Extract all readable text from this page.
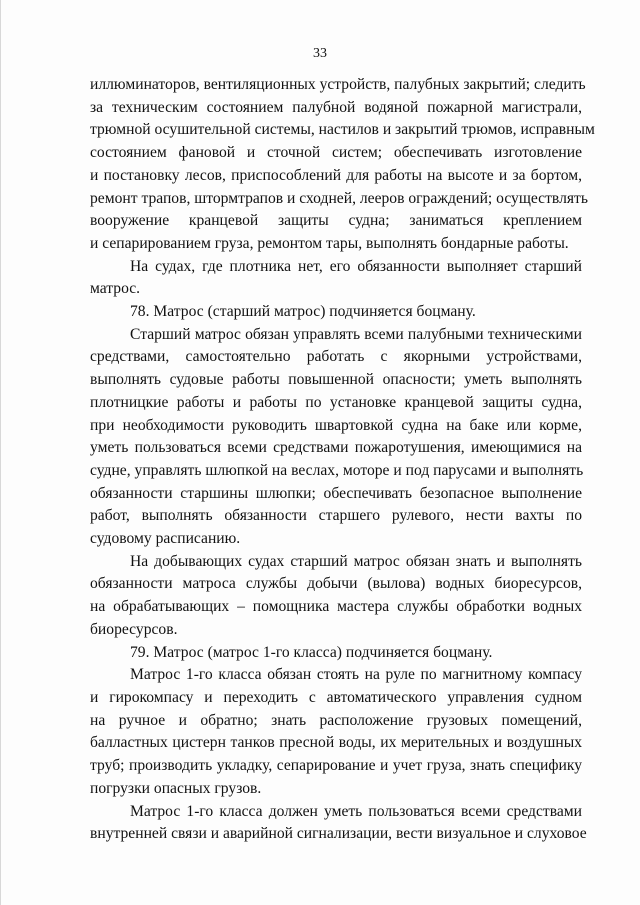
33
иллюминаторов, вентиляционных устройств, палубных закрытий; следить
за техническим состоянием палубной водяной пожарной магистрали,
трюмной осушительной системы, настилов и закрытий трюмов, исправным
состоянием фановой и сточной систем; обеспечивать изготовление
и постановку лесов, приспособлений для работы на высоте и за бортом,
ремонт трапов, штормтрапов и сходней, лееров ограждений; осуществлять
вооружение кранцевой защиты судна; заниматься креплением
и сепарированием груза, ремонтом тары, выполнять бондарные работы.
На судах, где плотника нет, его обязанности выполняет старший
матрос.
78. Матрос (старший матрос) подчиняется боцману.
Старший матрос обязан управлять всеми палубными техническими
средствами, самостоятельно работать с якорными устройствами,
выполнять судовые работы повышенной опасности; уметь выполнять
плотницкие работы и работы по установке кранцевой защиты судна,
при необходимости руководить швартовкой судна на баке или корме,
уметь пользоваться всеми средствами пожаротушения, имеющимися на
судне, управлять шлюпкой на веслах, моторе и под парусами и выполнять
обязанности старшины шлюпки; обеспечивать безопасное выполнение
работ, выполнять обязанности старшего рулевого, нести вахты по
судовому расписанию.
На добывающих судах старший матрос обязан знать и выполнять
обязанности матроса службы добычи (вылова) водных биоресурсов,
на обрабатывающих – помощника мастера службы обработки водных
биоресурсов.
79. Матрос (матрос 1-го класса) подчиняется боцману.
Матрос 1-го класса обязан стоять на руле по магнитному компасу
и гирокомпасу и переходить с автоматического управления судном
на ручное и обратно; знать расположение грузовых помещений,
балластных цистерн танков пресной воды, их мерительных и воздушных
труб; производить укладку, сепарирование и учет груза, знать специфику
погрузки опасных грузов.
Матрос 1-го класса должен уметь пользоваться всеми средствами
внутренней связи и аварийной сигнализации, вести визуальное и слуховое
